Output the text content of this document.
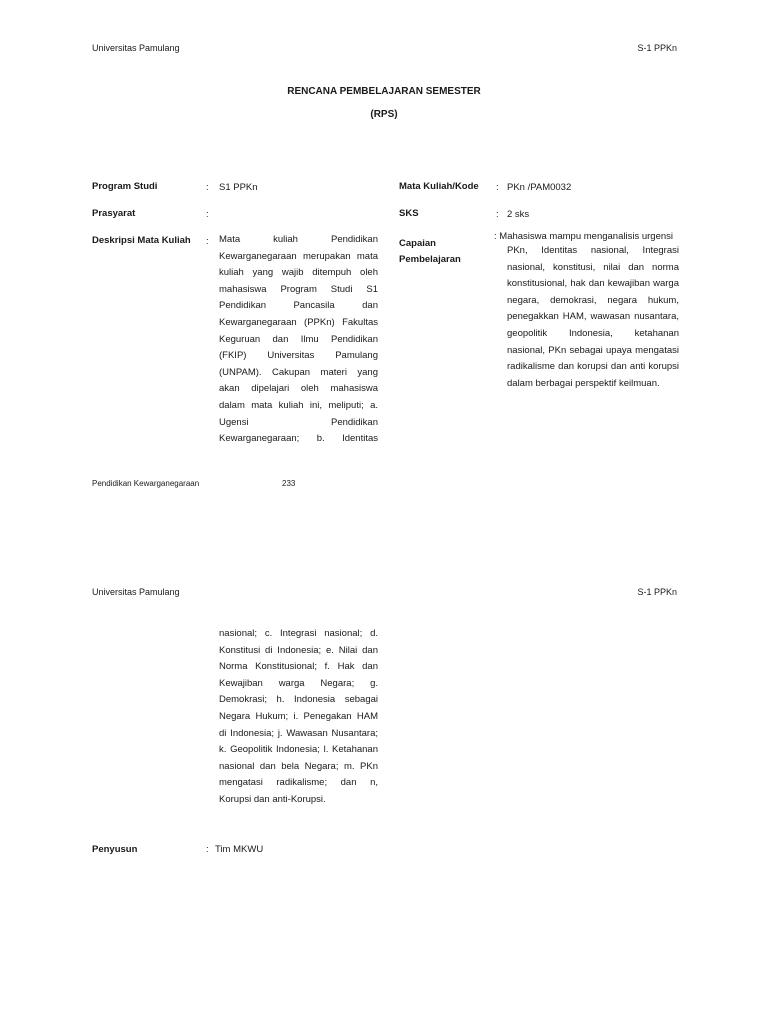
Universitas Pamulang	S-1 PPKn
RENCANA PEMBELAJARAN SEMESTER
(RPS)
Program Studi	: S1 PPKn	Mata Kuliah/Kode : PKn /PAM0032
Prasyarat	:	SKS	: 2 sks
Deskripsi Mata Kuliah : Mata kuliah Pendidikan
Kewarganegaraan merupakan mata
kuliah yang wajib ditempuh oleh
mahasiswa Program Studi S1
Pendidikan Pancasila dan
Kewarganegaraan (PPKn) Fakultas
Keguruan dan Ilmu Pendidikan
(FKIP) Universitas Pamulang
(UNPAM). Cakupan materi yang
akan dipelajari oleh mahasiswa
dalam mata kuliah ini, meliputi; a.
Ugensi Pendidikan
Kewarganegaraan; b. Identitas
Capaian
Pembelajaran
: Mahasiswa mampu menganalisis urgensi
PKn, Identitas nasional, Integrasi
nasional, konstitusi, nilai dan norma
konstitusional, hak dan kewajiban warga
negara, demokrasi, negara hukum,
penegakkan HAM, wawasan nusantara,
geopolitik Indonesia, ketahanan
nasional, PKn sebagai upaya mengatasi
radikalisme dan korupsi dan anti korupsi
dalam berbagai perspektif keilmuan.
Pendidikan Kewarganegaraan	233
Universitas Pamulang	S-1 PPKn
nasional; c. Integrasi nasional; d.
Konstitusi di Indonesia; e. Nilai dan
Norma Konstitusional; f. Hak dan
Kewajiban warga Negara; g.
Demokrasi; h. Indonesia sebagai
Negara Hukum; i. Penegakan HAM
di Indonesia; j. Wawasan Nusantara;
k. Geopolitik Indonesia; l. Ketahanan
nasional dan bela Negara; m. PKn
mengatasi radikalisme; dan n,
Korupsi dan anti-Korupsi.
Penyusun	: Tim MKWU
